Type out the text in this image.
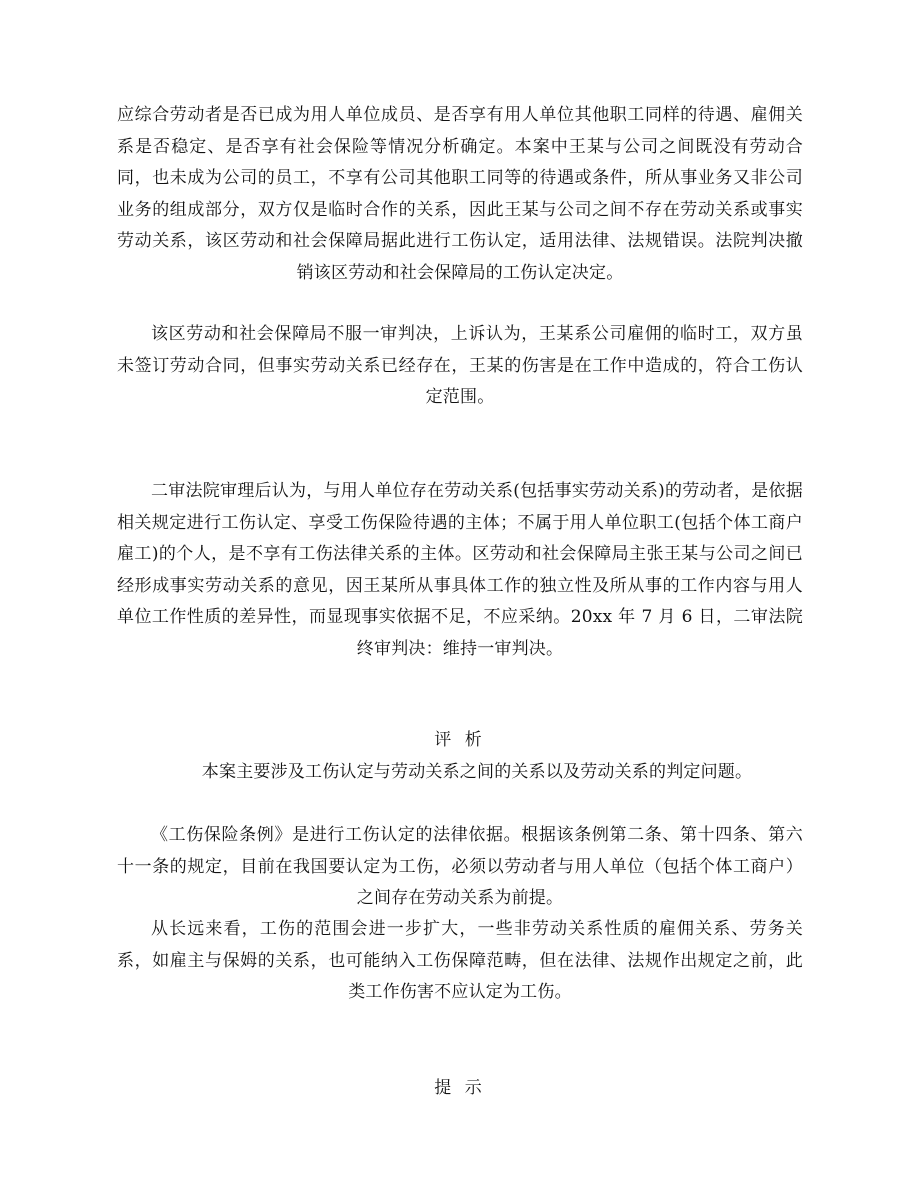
应综合劳动者是否已成为用人单位成员、是否享有用人单位其他职工同样的待遇、雇佣关系是否稳定、是否享有社会保险等情况分析确定。本案中王某与公司之间既没有劳动合同，也未成为公司的员工，不享有公司其他职工同等的待遇或条件，所从事业务又非公司业务的组成部分，双方仅是临时合作的关系，因此王某与公司之间不存在劳动关系或事实劳动关系，该区劳动和社会保障局据此进行工伤认定，适用法律、法规错误。法院判决撤销该区劳动和社会保障局的工伤认定决定。

该区劳动和社会保障局不服一审判决，上诉认为，王某系公司雇佣的临时工，双方虽未签订劳动合同，但事实劳动关系已经存在，王某的伤害是在工作中造成的，符合工伤认定范围。

二审法院审理后认为，与用人单位存在劳动关系(包括事实劳动关系)的劳动者，是依据相关规定进行工伤认定、享受工伤保险待遇的主体；不属于用人单位职工(包括个体工商户雇工)的个人，是不享有工伤法律关系的主体。区劳动和社会保障局主张王某与公司之间已经形成事实劳动关系的意见，因王某所从事具体工作的独立性及所从事的工作内容与用人单位工作性质的差异性，而显现事实依据不足，不应采纳。20xx 年 7 月 6 日，二审法院终审判决：维持一审判决。

评 析

本案主要涉及工伤认定与劳动关系之间的关系以及劳动关系的判定问题。

《工伤保险条例》是进行工伤认定的法律依据。根据该条例第二条、第十四条、第六十一条的规定，目前在我国要认定为工伤，必须以劳动者与用人单位（包括个体工商户）之间存在劳动关系为前提。

从长远来看，工伤的范围会进一步扩大，一些非劳动关系性质的雇佣关系、劳务关系，如雇主与保姆的关系，也可能纳入工伤保障范畴，但在法律、法规作出规定之前，此类工作伤害不应认定为工伤。

提 示
